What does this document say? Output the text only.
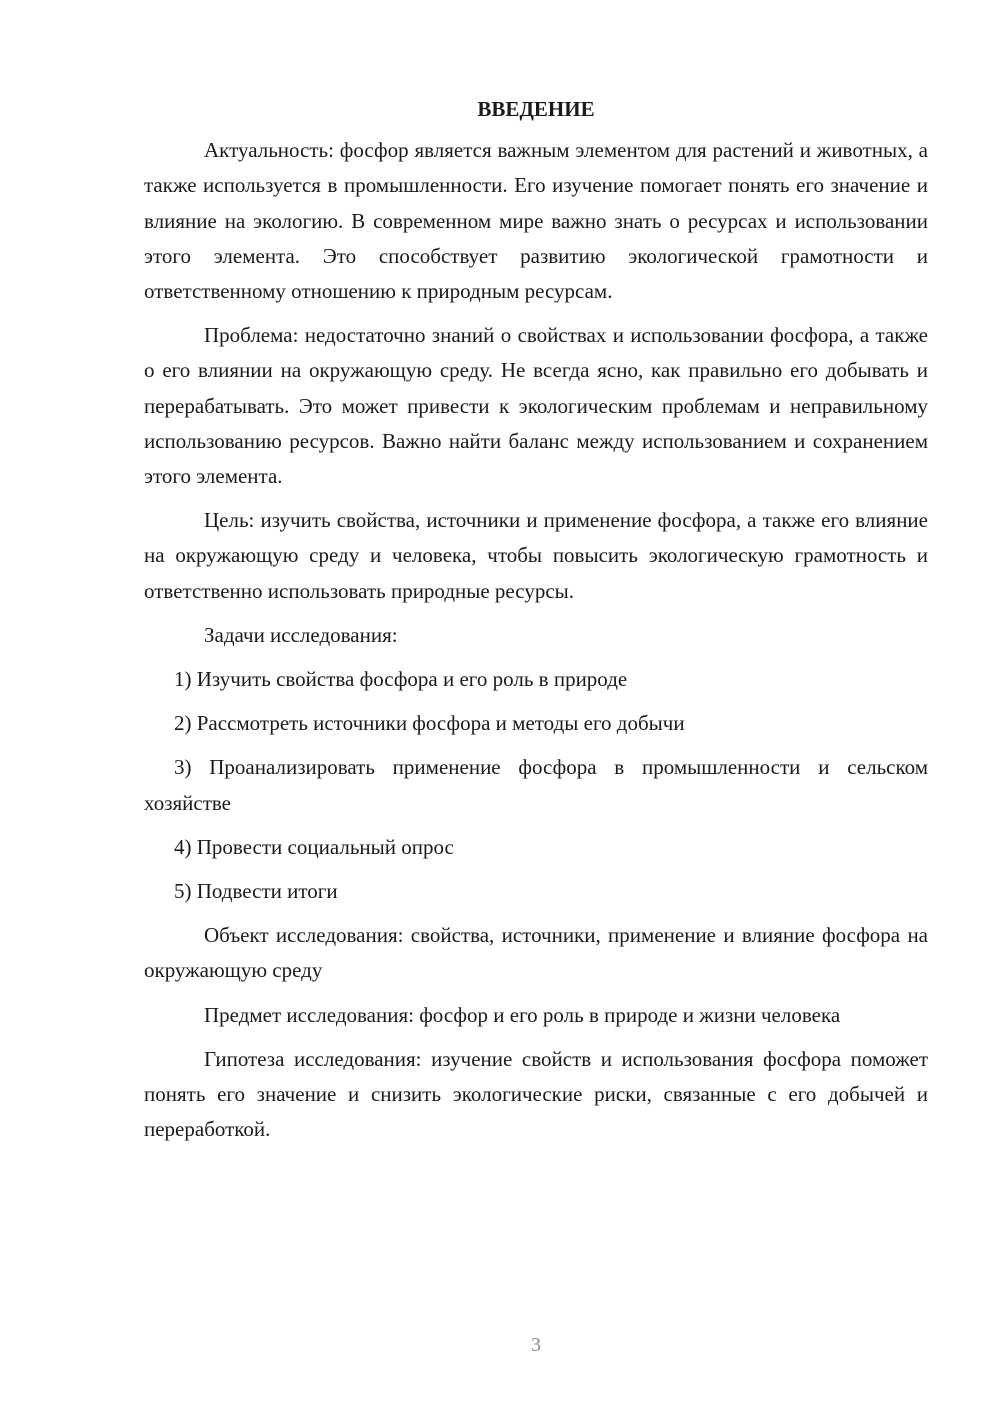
ВВЕДЕНИЕ

Актуальность: фосфор является важным элементом для растений и животных, а также используется в промышленности. Его изучение помогает понять его значение и влияние на экологию. В современном мире важно знать о ресурсах и использовании этого элемента. Это способствует развитию экологической грамотности и ответственному отношению к природным ресурсам.

Проблема: недостаточно знаний о свойствах и использовании фосфора, а также о его влиянии на окружающую среду. Не всегда ясно, как правильно его добывать и перерабатывать. Это может привести к экологическим проблемам и неправильному использованию ресурсов. Важно найти баланс между использованием и сохранением этого элемента.

Цель: изучить свойства, источники и применение фосфора, а также его влияние на окружающую среду и человека, чтобы повысить экологическую грамотность и ответственно использовать природные ресурсы.

Задачи исследования:

1) Изучить свойства фосфора и его роль в природе

2) Рассмотреть источники фосфора и методы его добычи

3) Проанализировать применение фосфора в промышленности и сельском хозяйстве

4) Провести социальный опрос

5) Подвести итоги

Объект исследования: свойства, источники, применение и влияние фосфора на окружающую среду

Предмет исследования: фосфор и его роль в природе и жизни человека

Гипотеза исследования: изучение свойств и использования фосфора поможет понять его значение и снизить экологические риски, связанные с его добычей и переработкой.

3
